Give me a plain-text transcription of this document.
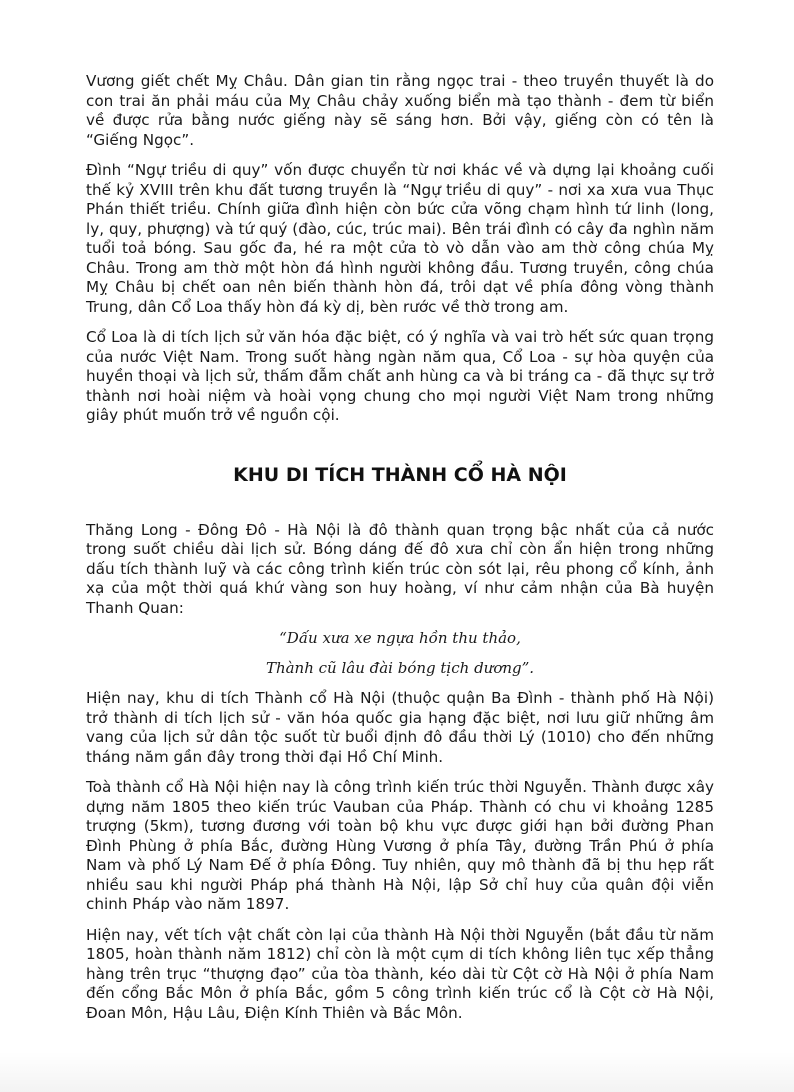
Vương giết chết Mỵ Châu. Dân gian tin rằng ngọc trai - theo truyền thuyết là do con trai ăn phải máu của Mỵ Châu chảy xuống biển mà tạo thành - đem từ biển về được rửa bằng nước giếng này sẽ sáng hơn. Bởi vậy, giếng còn có tên là “Giếng Ngọc”.

Đình “Ngự triều di quy” vốn được chuyển từ nơi khác về và dựng lại khoảng cuối thế kỷ XVIII trên khu đất tương truyền là “Ngự triều di quy” - nơi xa xưa vua Thục Phán thiết triều. Chính giữa đình hiện còn bức cửa võng chạm hình tứ linh (long, ly, quy, phượng) và tứ quý (đào, cúc, trúc mai). Bên trái đình có cây đa nghìn năm tuổi toả bóng. Sau gốc đa, hé ra một cửa tò vò dẫn vào am thờ công chúa Mỵ Châu. Trong am thờ một hòn đá hình người không đầu. Tương truyền, công chúa Mỵ Châu bị chết oan nên biến thành hòn đá, trôi dạt về phía đông vòng thành Trung, dân Cổ Loa thấy hòn đá kỳ dị, bèn rước về thờ trong am.

Cổ Loa là di tích lịch sử văn hóa đặc biệt, có ý nghĩa và vai trò hết sức quan trọng của nước Việt Nam. Trong suốt hàng ngàn năm qua, Cổ Loa - sự hòa quyện của huyền thoại và lịch sử, thấm đẫm chất anh hùng ca và bi tráng ca - đã thực sự trở thành nơi hoài niệm và hoài vọng chung cho mọi người Việt Nam trong những giây phút muốn trở về nguồn cội.

KHU DI TÍCH THÀNH CỔ HÀ NỘI

Thăng Long - Đông Đô - Hà Nội là đô thành quan trọng bậc nhất của cả nước trong suốt chiều dài lịch sử. Bóng dáng đế đô xưa chỉ còn ẩn hiện trong những dấu tích thành luỹ và các công trình kiến trúc còn sót lại, rêu phong cổ kính, ảnh xạ của một thời quá khứ vàng son huy hoàng, ví như cảm nhận của Bà huyện Thanh Quan:

“Dấu xưa xe ngựa hồn thu thảo,
Thành cũ lâu đài bóng tịch dương”.

Hiện nay, khu di tích Thành cổ Hà Nội (thuộc quận Ba Đình - thành phố Hà Nội) trở thành di tích lịch sử - văn hóa quốc gia hạng đặc biệt, nơi lưu giữ những âm vang của lịch sử dân tộc suốt từ buổi định đô đầu thời Lý (1010) cho đến những tháng năm gần đây trong thời đại Hồ Chí Minh.

Toà thành cổ Hà Nội hiện nay là công trình kiến trúc thời Nguyễn. Thành được xây dựng năm 1805 theo kiến trúc Vauban của Pháp. Thành có chu vi khoảng 1285 trượng (5km), tương đương với toàn bộ khu vực được giới hạn bởi đường Phan Đình Phùng ở phía Bắc, đường Hùng Vương ở phía Tây, đường Trần Phú ở phía Nam và phố Lý Nam Đế ở phía Đông. Tuy nhiên, quy mô thành đã bị thu hẹp rất nhiều sau khi người Pháp phá thành Hà Nội, lập Sở chỉ huy của quân đội viễn chinh Pháp vào năm 1897.

Hiện nay, vết tích vật chất còn lại của thành Hà Nội thời Nguyễn (bắt đầu từ năm 1805, hoàn thành năm 1812) chỉ còn là một cụm di tích không liên tục xếp thẳng hàng trên trục “thượng đạo” của tòa thành, kéo dài từ Cột cờ Hà Nội ở phía Nam đến cổng Bắc Môn ở phía Bắc, gồm 5 công trình kiến trúc cổ là Cột cờ Hà Nội, Đoan Môn, Hậu Lâu, Điện Kính Thiên và Bắc Môn.
